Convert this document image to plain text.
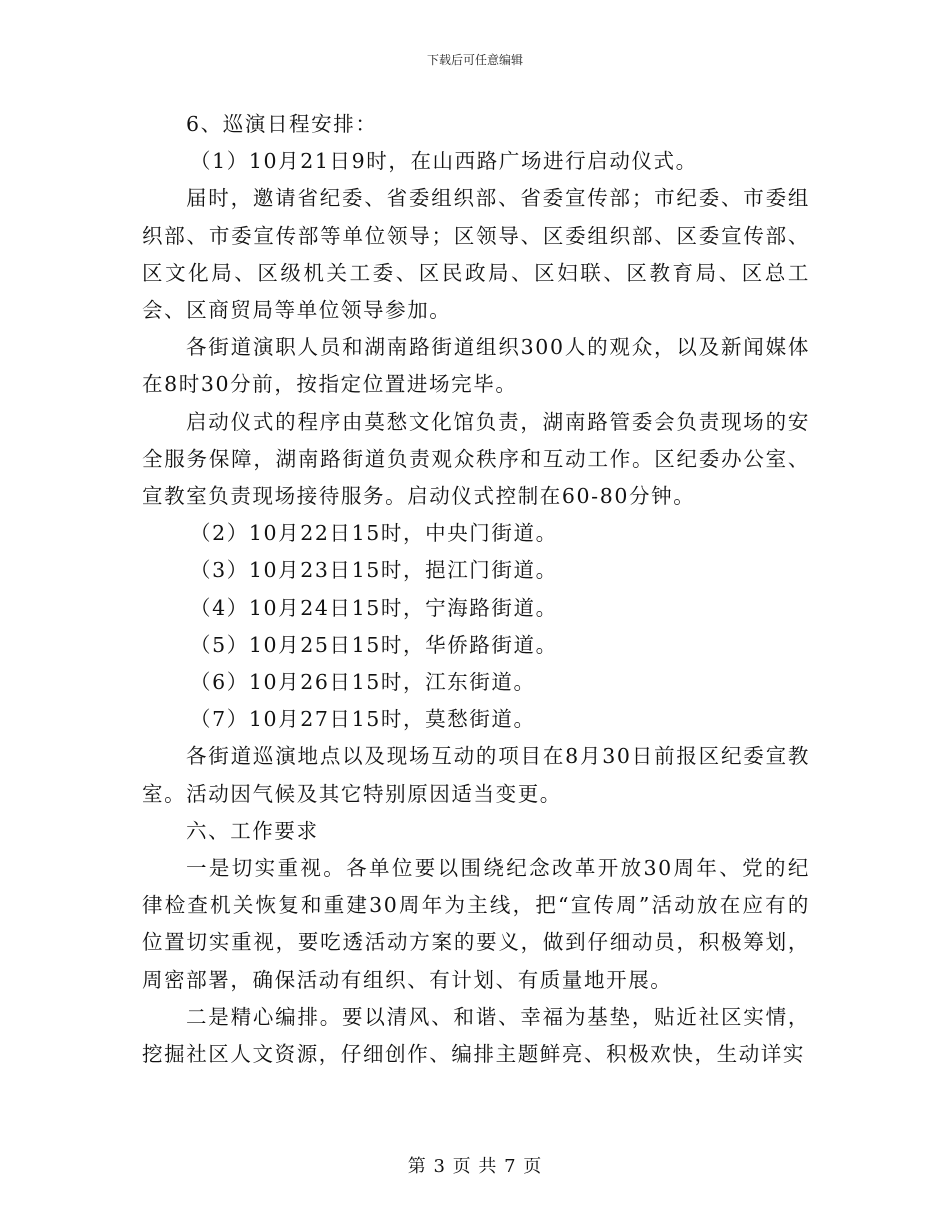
下载后可任意编辑

6、巡演日程安排：

（1）10月21日9时，在山西路广场进行启动仪式。

届时，邀请省纪委、省委组织部、省委宣传部；市纪委、市委组织部、市委宣传部等单位领导；区领导、区委组织部、区委宣传部、区文化局、区级机关工委、区民政局、区妇联、区教育局、区总工会、区商贸局等单位领导参加。

各街道演职人员和湖南路街道组织300人的观众，以及新闻媒体在8时30分前，按指定位置进场完毕。

启动仪式的程序由莫愁文化馆负责，湖南路管委会负责现场的安全服务保障，湖南路街道负责观众秩序和互动工作。区纪委办公室、宣教室负责现场接待服务。启动仪式控制在60-80分钟。

（2）10月22日15时，中央门街道。

（3）10月23日15时，挹江门街道。

（4）10月24日15时，宁海路街道。

（5）10月25日15时，华侨路街道。

（6）10月26日15时，江东街道。

（7）10月27日15时，莫愁街道。

各街道巡演地点以及现场互动的项目在8月30日前报区纪委宣教室。活动因气候及其它特别原因适当变更。

六、工作要求

一是切实重视。各单位要以围绕纪念改革开放30周年、党的纪律检查机关恢复和重建30周年为主线，把“宣传周”活动放在应有的位置切实重视，要吃透活动方案的要义，做到仔细动员，积极筹划，周密部署，确保活动有组织、有计划、有质量地开展。

二是精心编排。要以清风、和谐、幸福为基垫，贴近社区实情，挖掘社区人文资源，仔细创作、编排主题鲜亮、积极欢快，生动详实

第 3 页 共 7 页
